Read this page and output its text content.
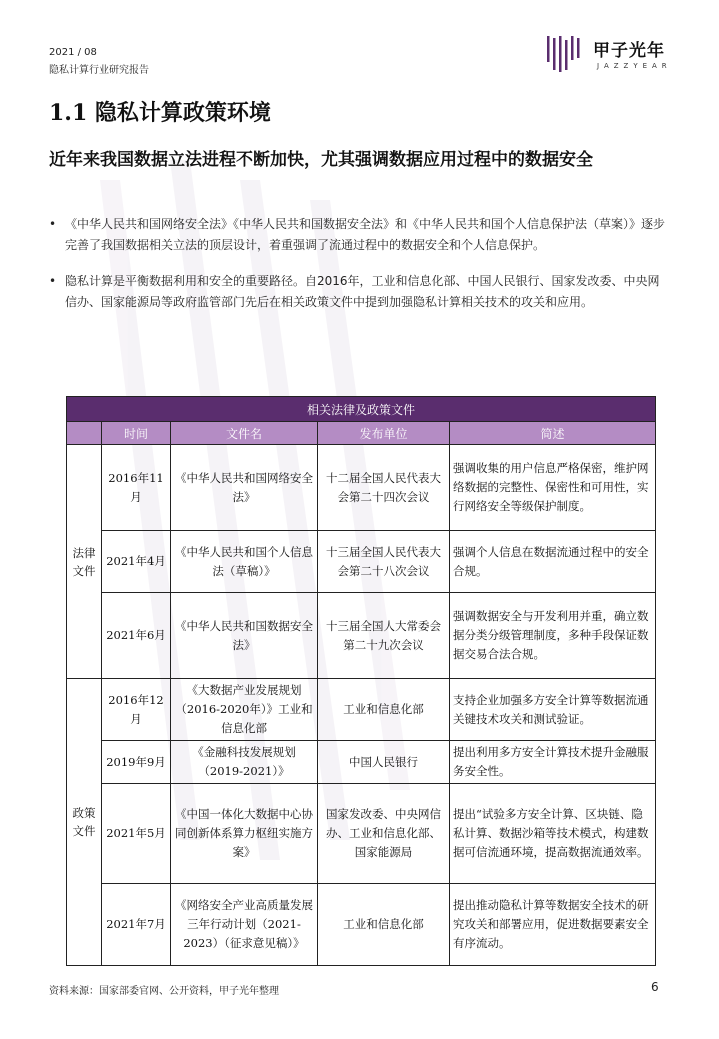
2021 / 08
隐私计算行业研究报告
甲子光年
JAZZYEAR
1.1 隐私计算政策环境
近年来我国数据立法进程不断加快，尤其强调数据应用过程中的数据安全
• 《中华人民共和国网络安全法》《中华人民共和国数据安全法》和《中华人民共和国个人信息保护法（草案）》逐步完善了我国数据相关立法的顶层设计，着重强调了流通过程中的数据安全和个人信息保护。
• 隐私计算是平衡数据利用和安全的重要路径。自2016年，工业和信息化部、中国人民银行、国家发改委、中央网信办、国家能源局等政府监管部门先后在相关政策文件中提到加强隐私计算相关技术的攻关和应用。
相关法律及政策文件				
	时间	文件名	发布单位	简述
法律文件	2016年11月	《中华人民共和国网络安全法》	十二届全国人民代表大会第二十四次会议	强调收集的用户信息严格保密，维护网络数据的完整性、保密性和可用性，实行网络安全等级保护制度。
	2021年4月	《中华人民共和国个人信息法（草稿）》	十三届全国人民代表大会第二十八次会议	强调个人信息在数据流通过程中的安全合规。
	2021年6月	《中华人民共和国数据安全法》	十三届全国人大常委会第二十九次会议	强调数据安全与开发利用并重，确立数据分类分级管理制度，多种手段保证数据交易合法合规。
政策文件	2016年12月	《大数据产业发展规划（2016-2020年）》工业和信息化部	工业和信息化部	支持企业加强多方安全计算等数据流通关键技术攻关和测试验证。
	2019年9月	《金融科技发展规划（2019-2021）》	中国人民银行	提出利用多方安全计算技术提升金融服务安全性。
	2021年5月	《中国一体化大数据中心协同创新体系算力枢纽实施方案》	国家发改委、中央网信办、工业和信息化部、国家能源局	提出“试验多方安全计算、区块链、隐私计算、数据沙箱等技术模式，构建数据可信流通环境，提高数据流通效率。
	2021年7月	《网络安全产业高质量发展三年行动计划（2021-2023）（征求意见稿）》	工业和信息化部	提出推动隐私计算等数据安全技术的研究攻关和部署应用，促进数据要素安全有序流动。
资料来源：国家部委官网、公开资料，甲子光年整理	6
